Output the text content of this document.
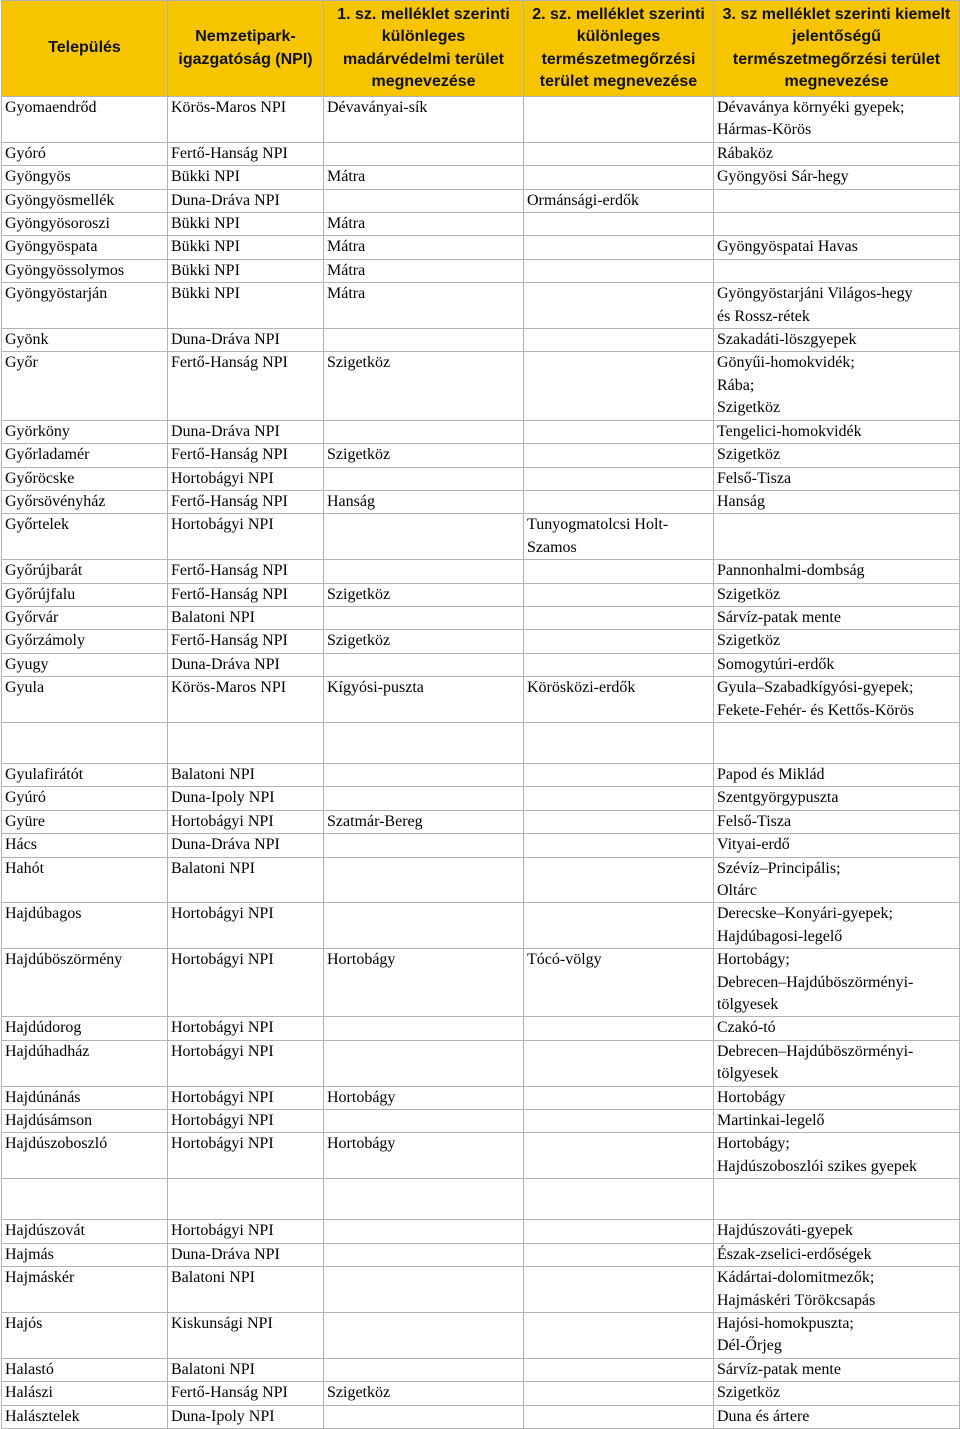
Település	Nemzetipark-
igazgatóság (NPI)	1. sz. melléklet szerinti
különleges
madárvédelmi terület
megnevezése	2. sz. melléklet szerinti
különleges
természetmegőrzési
terület megnevezése	3. sz melléklet szerinti kiemelt
jelentőségű
természetmegőrzési terület
megnevezése
Gyomaendrőd	Körös-Maros NPI	Dévaványai-sík		Dévaványa környéki gyepek;
Hármas-Körös
Gyóró	Fertő-Hanság NPI			Rábaköz
Gyöngyös	Bükki NPI	Mátra		Gyöngyösi Sár-hegy
Gyöngyösmellék	Duna-Dráva NPI		Ormánsági-erdők	
Gyöngyösoroszi	Bükki NPI	Mátra		
Gyöngyöspata	Bükki NPI	Mátra		Gyöngyöspatai Havas
Gyöngyössolymos	Bükki NPI	Mátra		
Gyöngyöstarján	Bükki NPI	Mátra		Gyöngyöstarjáni Világos-hegy
és Rossz-rétek
Gyönk	Duna-Dráva NPI			Szakadáti-löszgyepek
Győr	Fertő-Hanság NPI	Szigetköz		Gönyűi-homokvidék;
Rába;
Szigetköz
Györköny	Duna-Dráva NPI			Tengelici-homokvidék
Győrladamér	Fertő-Hanság NPI	Szigetköz		Szigetköz
Győröcske	Hortobágyi NPI			Felső-Tisza
Győrsövényház	Fertő-Hanság NPI	Hanság		Hanság
Győrtelek	Hortobágyi NPI		Tunyogmatolcsi Holt-
Szamos	
Győrújbarát	Fertő-Hanság NPI			Pannonhalmi-dombság
Győrújfalu	Fertő-Hanság NPI	Szigetköz		Szigetköz
Győrvár	Balatoni NPI			Sárvíz-patak mente
Győrzámoly	Fertő-Hanság NPI	Szigetköz		Szigetköz
Gyugy	Duna-Dráva NPI			Somogytúri-erdők
Gyula	Körös-Maros NPI	Kígyósi-puszta	Körösközi-erdők	Gyula–Szabadkígyósi-gyepek;
Fekete-Fehér- és Kettős-Körös

Gyulafirátót	Balatoni NPI			Papod és Miklád
Gyúró	Duna-Ipoly NPI			Szentgyörgypuszta
Gyüre	Hortobágyi NPI	Szatmár-Bereg		Felső-Tisza
Hács	Duna-Dráva NPI			Vityai-erdő
Hahót	Balatoni NPI			Szévíz–Principális;
Oltárc
Hajdúbagos	Hortobágyi NPI			Derecske–Konyári-gyepek;
Hajdúbagosi-legelő
Hajdúböszörmény	Hortobágyi NPI	Hortobágy	Tócó-völgy	Hortobágy;
Debrecen–Hajdúböszörményi-
tölgyesek
Hajdúdorog	Hortobágyi NPI			Czakó-tó
Hajdúhadház	Hortobágyi NPI			Debrecen–Hajdúböszörményi-
tölgyesek
Hajdúnánás	Hortobágyi NPI	Hortobágy		Hortobágy
Hajdúsámson	Hortobágyi NPI			Martinkai-legelő
Hajdúszoboszló	Hortobágyi NPI	Hortobágy		Hortobágy;
Hajdúszoboszlói szikes gyepek

Hajdúszovát	Hortobágyi NPI			Hajdúszováti-gyepek
Hajmás	Duna-Dráva NPI			Észak-zselici-erdőségek
Hajmáskér	Balatoni NPI			Kádártai-dolomitmezők;
Hajmáskéri Törökcsapás
Hajós	Kiskunsági NPI			Hajósi-homokpuszta;
Dél-Őrjeg
Halastó	Balatoni NPI			Sárvíz-patak mente
Halászi	Fertő-Hanság NPI	Szigetköz		Szigetköz
Halásztelek	Duna-Ipoly NPI			Duna és ártere
